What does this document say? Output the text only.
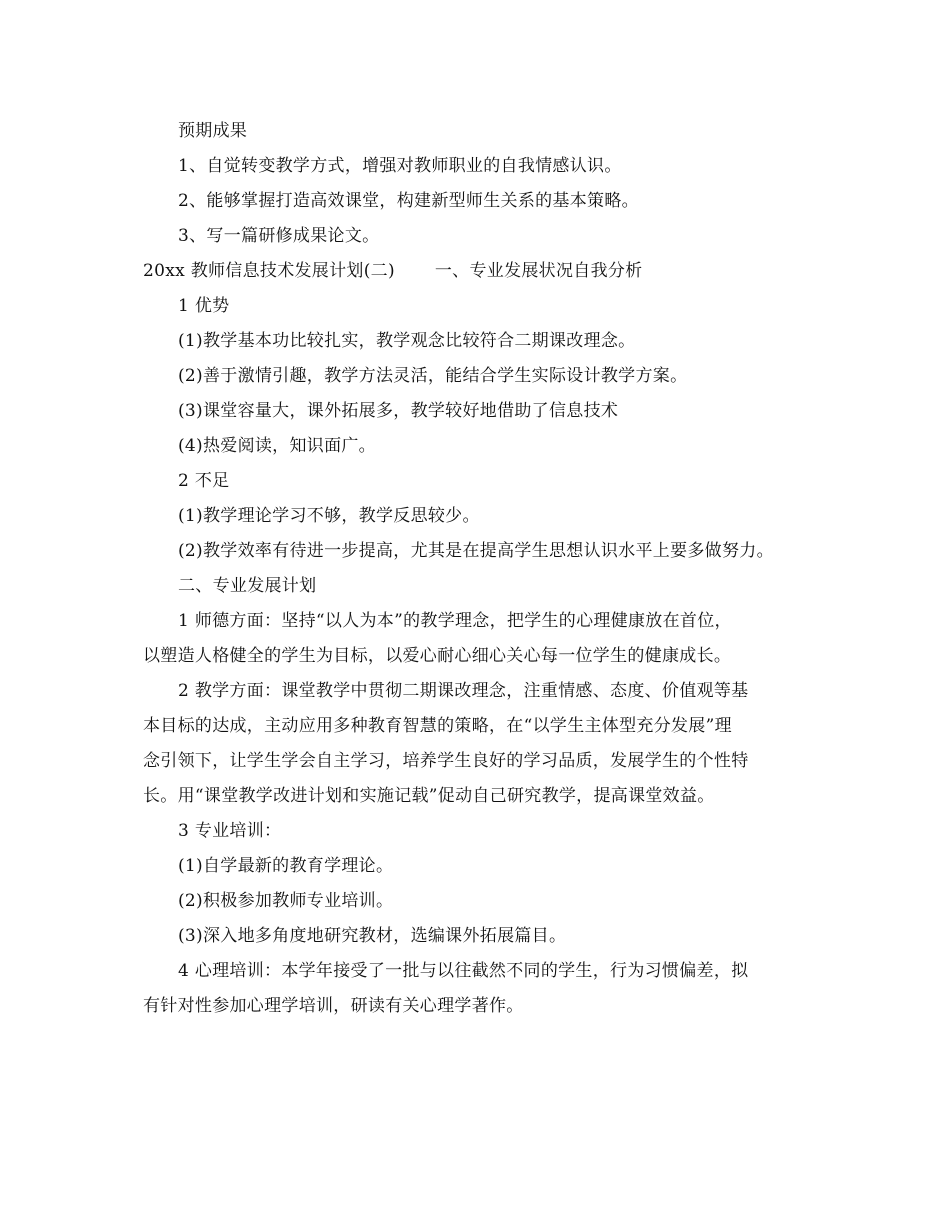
预期成果
1、自觉转变教学方式，增强对教师职业的自我情感认识。
2、能够掌握打造高效课堂，构建新型师生关系的基本策略。
3、写一篇研修成果论文。
20xx 教师信息技术发展计划(二) 一、专业发展状况自我分析
1 优势
(1)教学基本功比较扎实，教学观念比较符合二期课改理念。
(2)善于激情引趣，教学方法灵活，能结合学生实际设计教学方案。
(3)课堂容量大，课外拓展多，教学较好地借助了信息技术
(4)热爱阅读，知识面广。
2 不足
(1)教学理论学习不够，教学反思较少。
(2)教学效率有待进一步提高，尤其是在提高学生思想认识水平上要多做努力。
二、专业发展计划
1 师德方面：坚持“以人为本”的教学理念，把学生的心理健康放在首位，
以塑造人格健全的学生为目标，以爱心耐心细心关心每一位学生的健康成长。
2 教学方面：课堂教学中贯彻二期课改理念，注重情感、态度、价值观等基
本目标的达成，主动应用多种教育智慧的策略，在“以学生主体型充分发展”理
念引领下，让学生学会自主学习，培养学生良好的学习品质，发展学生的个性特
长。用“课堂教学改进计划和实施记载”促动自己研究教学，提高课堂效益。
3 专业培训：
(1)自学最新的教育学理论。
(2)积极参加教师专业培训。
(3)深入地多角度地研究教材，选编课外拓展篇目。
4 心理培训：本学年接受了一批与以往截然不同的学生，行为习惯偏差，拟
有针对性参加心理学培训，研读有关心理学著作。
